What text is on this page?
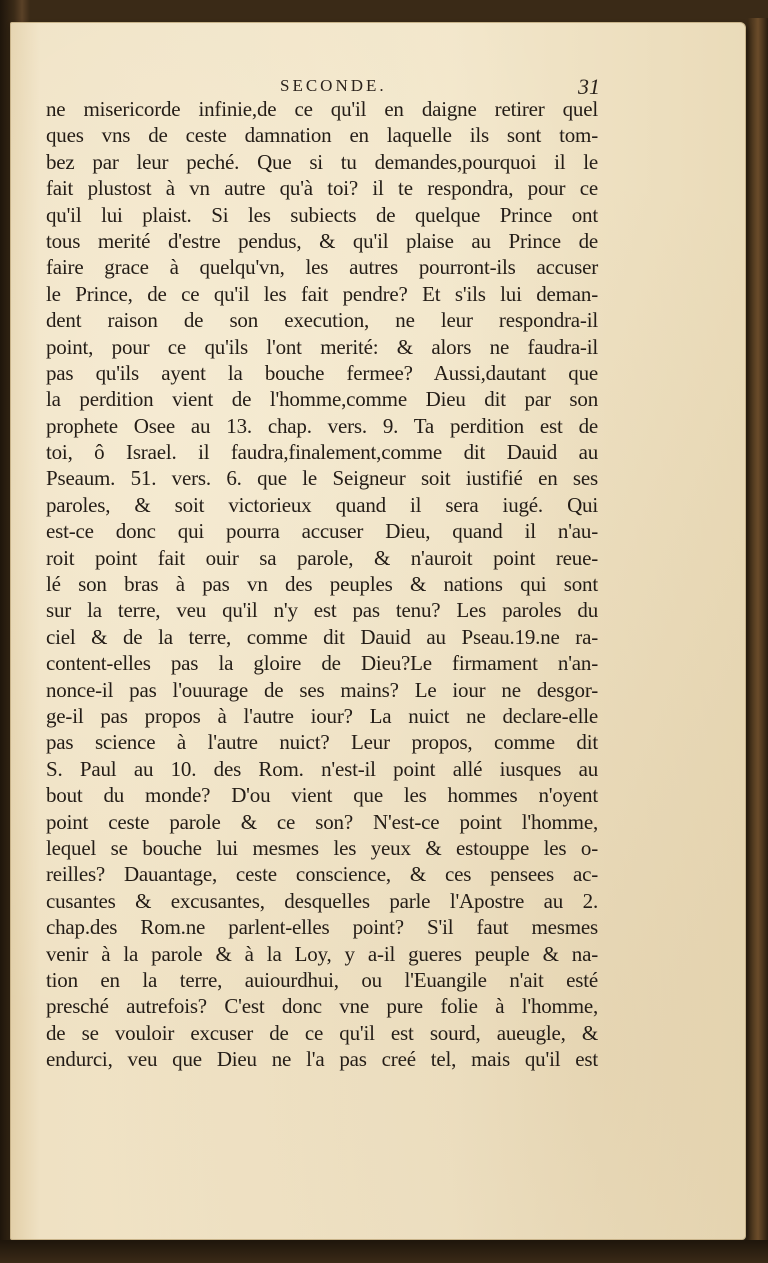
SECONDE.	31
ne misericorde infinie,de ce qu'il en daigne retirer quel
ques vns de ceste damnation en laquelle ils sont tom-
bez par leur peché. Que si tu demandes,pourquoi il le
fait plustost à vn autre qu'à toi? il te respondra, pour ce
qu'il lui plaist. Si les subiects de quelque Prince ont
tous merité d'estre pendus, & qu'il plaise au Prince de
faire grace à quelqu'vn, les autres pourront-ils accuser
le Prince, de ce qu'il les fait pendre? Et s'ils lui deman-
dent raison de son execution, ne leur respondra-il
point, pour ce qu'ils l'ont merité: & alors ne faudra-il
pas qu'ils ayent la bouche fermee? Aussi,dautant que
la perdition vient de l'homme,comme Dieu dit par son
prophete Osee au 13. chap. vers. 9. Ta perdition est de
toi, ô Israel. il faudra,finalement,comme dit Dauid au
Pseaum. 51. vers. 6. que le Seigneur soit iustifié en ses
paroles, & soit victorieux quand il sera iugé. Qui
est-ce donc qui pourra accuser Dieu, quand il n'au-
roit point fait ouir sa parole, & n'auroit point reue-
lé son bras à pas vn des peuples & nations qui sont
sur la terre, veu qu'il n'y est pas tenu? Les paroles du
ciel & de la terre, comme dit Dauid au Pseau.19.ne ra-
content-elles pas la gloire de Dieu?Le firmament n'an-
nonce-il pas l'ouurage de ses mains? Le iour ne desgor-
ge-il pas propos à l'autre iour? La nuict ne declare-elle
pas science à l'autre nuict? Leur propos, comme dit
S. Paul au 10. des Rom. n'est-il point allé iusques au
bout du monde? D'ou vient que les hommes n'oyent
point ceste parole & ce son? N'est-ce point l'homme,
lequel se bouche lui mesmes les yeux & estouppe les o-
reilles? Dauantage, ceste conscience, & ces pensees ac-
cusantes & excusantes, desquelles parle l'Apostre au 2.
chap.des Rom.ne parlent-elles point? S'il faut mesmes
venir à la parole & à la Loy, y a-il gueres peuple & na-
tion en la terre, auiourdhui, ou l'Euangile n'ait esté
presché autrefois? C'est donc vne pure folie à l'homme,
de se vouloir excuser de ce qu'il est sourd, aueugle, &
endurci, veu que Dieu ne l'a pas creé tel, mais qu'il est
